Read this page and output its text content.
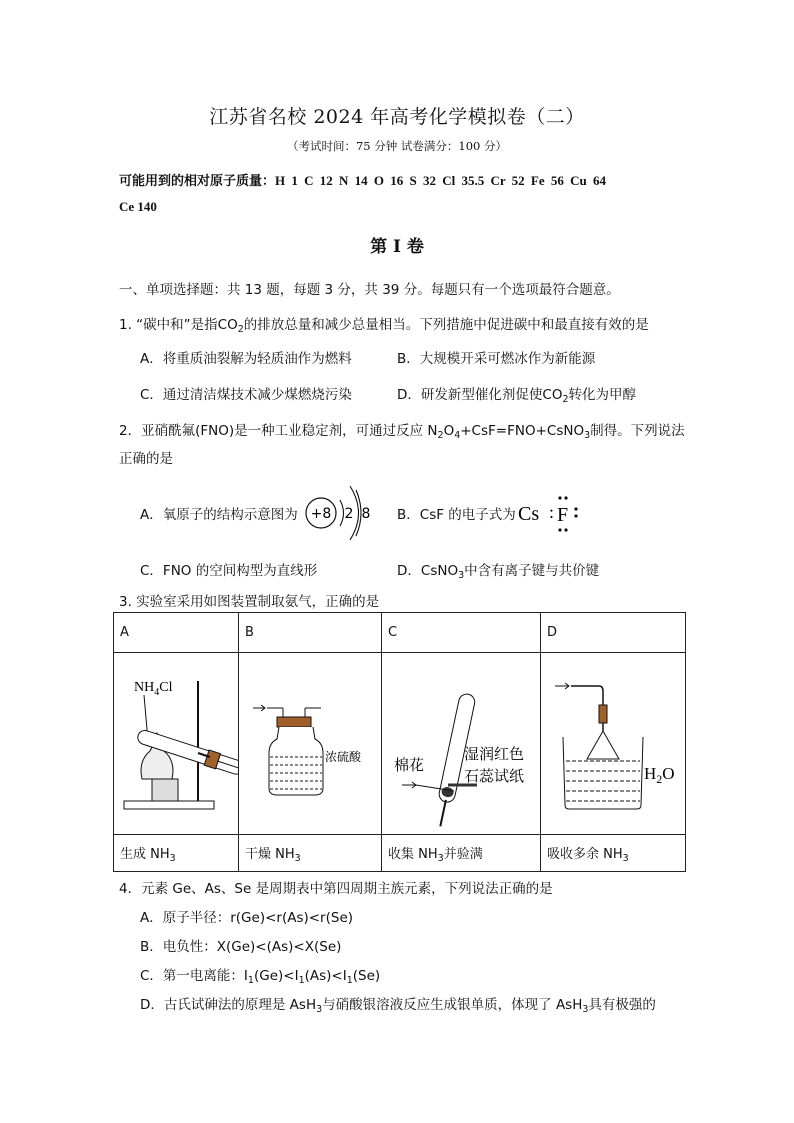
江苏省名校 2024 年高考化学模拟卷（二）
（考试时间：75 分钟 试卷满分：100 分）
可能用到的相对原子质量：H 1 C 12 N 14 O 16 S 32 Cl 35.5 Cr 52 Fe 56 Cu 64
Ce 140
第 I 卷
一、单项选择题：共 13 题，每题 3 分，共 39 分。每题只有一个选项最符合题意。
1. “碳中和”是指$CO_2$的排放总量和减少总量相当。下列措施中促进碳中和最直接有效的是
A．将重质油裂解为轻质油作为燃料	B．大规模开采可燃冰作为新能源
C．通过清洁煤技术减少煤燃烧污染	D．研发新型催化剂促使$CO_2$转化为甲醇
2．亚硝酰氟(FNO)是一种工业稳定剂，可通过反应 $N_2O_4+CsF=FNO+CsNO_3$制得。下列说法
正确的是
A．氧原子的结构示意图为 +8 2 8 B．CsF 的电子式为 Cs : F
C．FNO 的空间构型为直线形	D．CsNO$_3$中含有离子键与共价键
3. 实验室采用如图装置制取氨气，正确的是
A	B	C	D

$NH_4Cl$	浓硫酸	棉花
湿润红色
石蕊试纸	$H_2O$

生成 $NH_3$	干燥 $NH_3$	收集 $NH_3$并验满	吸收多余 $NH_3$
4．元素 Ge、As、Se 是周期表中第四周期主族元素，下列说法正确的是
A．原子半径：r(Ge)<r(As)<r(Se)
B．电负性：X(Ge)<(As)<X(Se)
C．第一电离能：$I_1(Ge)<I_1(As)<I_1(Se)$
D．古氏试砷法的原理是 AsH$_3$与硝酸银溶液反应生成银单质，体现了 AsH$_3$具有极强的
